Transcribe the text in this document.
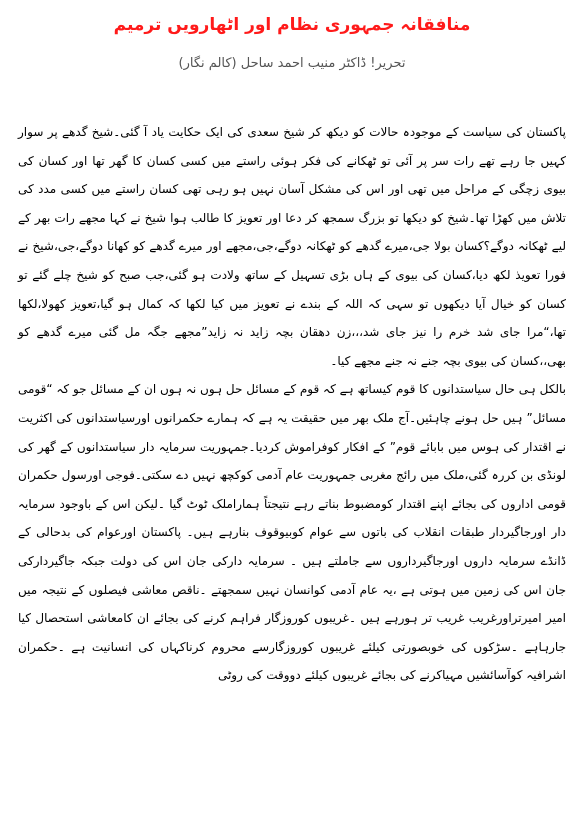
منافقانہ جمہوری نظام اور اٹھارویں ترمیم
تحریر! ڈاکٹر منیب احمد ساحل (کالم نگار)

پاکستان کی سیاست کے موجودہ حالات کو دیکھ کر شیخ سعدی کی ایک حکایت یاد آ گئی۔شیخ گدھے پر سوار کہیں جا رہے تھے رات سر پر آئی تو ٹھکانے کی فکر ہوئی راستے میں کسی کسان کا گھر تھا اور کسان کی بیوی زچگی کے مراحل میں تھی اور اس کی مشکل آسان نہیں ہو رہی تھی کسان راستے میں کسی مدد کی تلاش میں کھڑا تھا۔شیخ کو دیکھا تو بزرگ سمجھ کر دعا اور تعویز کا طالب ہوا شیخ نے کہا مجھے رات بھر کے لیے ٹھکانہ دوگے؟کسان بولا جی،میرے گدھے کو ٹھکانہ دوگے،جی،مجھے اور میرے گدھے کو کھانا دوگے،جی،شیخ نے فورا تعویذ لکھ دیا،کسان کی بیوی کے ہاں بڑی تسہیل کے ساتھ ولادت ہو گئی،جب صبح کو شیخ چلے گئے تو کسان کو خیال آیا دیکھوں تو سہی کہ اللہ کے بندے نے تعویز میں کیا لکھا کہ کمال ہو گیا،تعویز کھولا،لکھا تھا،“مرا جای شد خرم را نیز جای شد،،،زن دھقان بچہ زاید نہ زاید”مجھے جگہ مل گئی میرے گدھے کو بھی،،کسان کی بیوی بچہ جنے نہ جنے مجھے کیا۔

بالکل ہی حال سیاستدانوں کا قوم کیساتھ ہے کہ قوم کے مسائل حل ہوں نہ ہوں ان کے مسائل جو کہ “قومی مسائل” ہیں حل ہونے چاہئیں۔آج ملک بھر میں حقیقت یہ ہے کہ ہمارے حکمرانوں اورسیاستدانوں کی اکثریت نے اقتدار کی ہوس میں بابائے قوم” کے افکار کوفراموش کردیا۔جمہوریت سرمایہ دار سیاستدانوں کے گھر کی لونڈی بن کررہ گئی،ملک میں رائج مغربی جمہوریت عام آدمی کوکچھ نہیں دے سکتی۔فوجی اورسول حکمران قومی اداروں کی بجائے اپنے اقتدار کومضبوط بناتے رہے نتیجتاً ہماراملک ٹوٹ گیا ۔لیکن اس کے باوجود سرمایہ دار اورجاگیردار طبقات انقلاب کی باتوں سے عوام کوبیوقوف بنارہے ہیں۔ پاکستان اورعوام کی بدحالی کے ڈانڈے سرمایہ داروں اورجاگیرداروں سے جاملتے ہیں ۔ سرمایہ دارکی جان اس کی دولت جبکہ جاگیردارکی جان اس کی زمین میں ہوتی ہے ،یہ عام آدمی کوانسان نہیں سمجھتے ۔ناقص معاشی فیصلوں کے نتیجہ میں امیر امیرتراورغریب غریب تر ہورہے ہیں ۔غریبوں کوروزگار فراہم کرنے کی بجائے ان کامعاشی استحصال کیا جارہاہے ۔سڑکوں کی خوبصورتی کیلئے غریبوں کوروزگارسے محروم کرناکہاں کی انسانیت ہے ۔حکمران اشرافیہ کوآسائشیں مہیاکرنے کی بجائے غریبوں کیلئے دووقت کی روٹی
